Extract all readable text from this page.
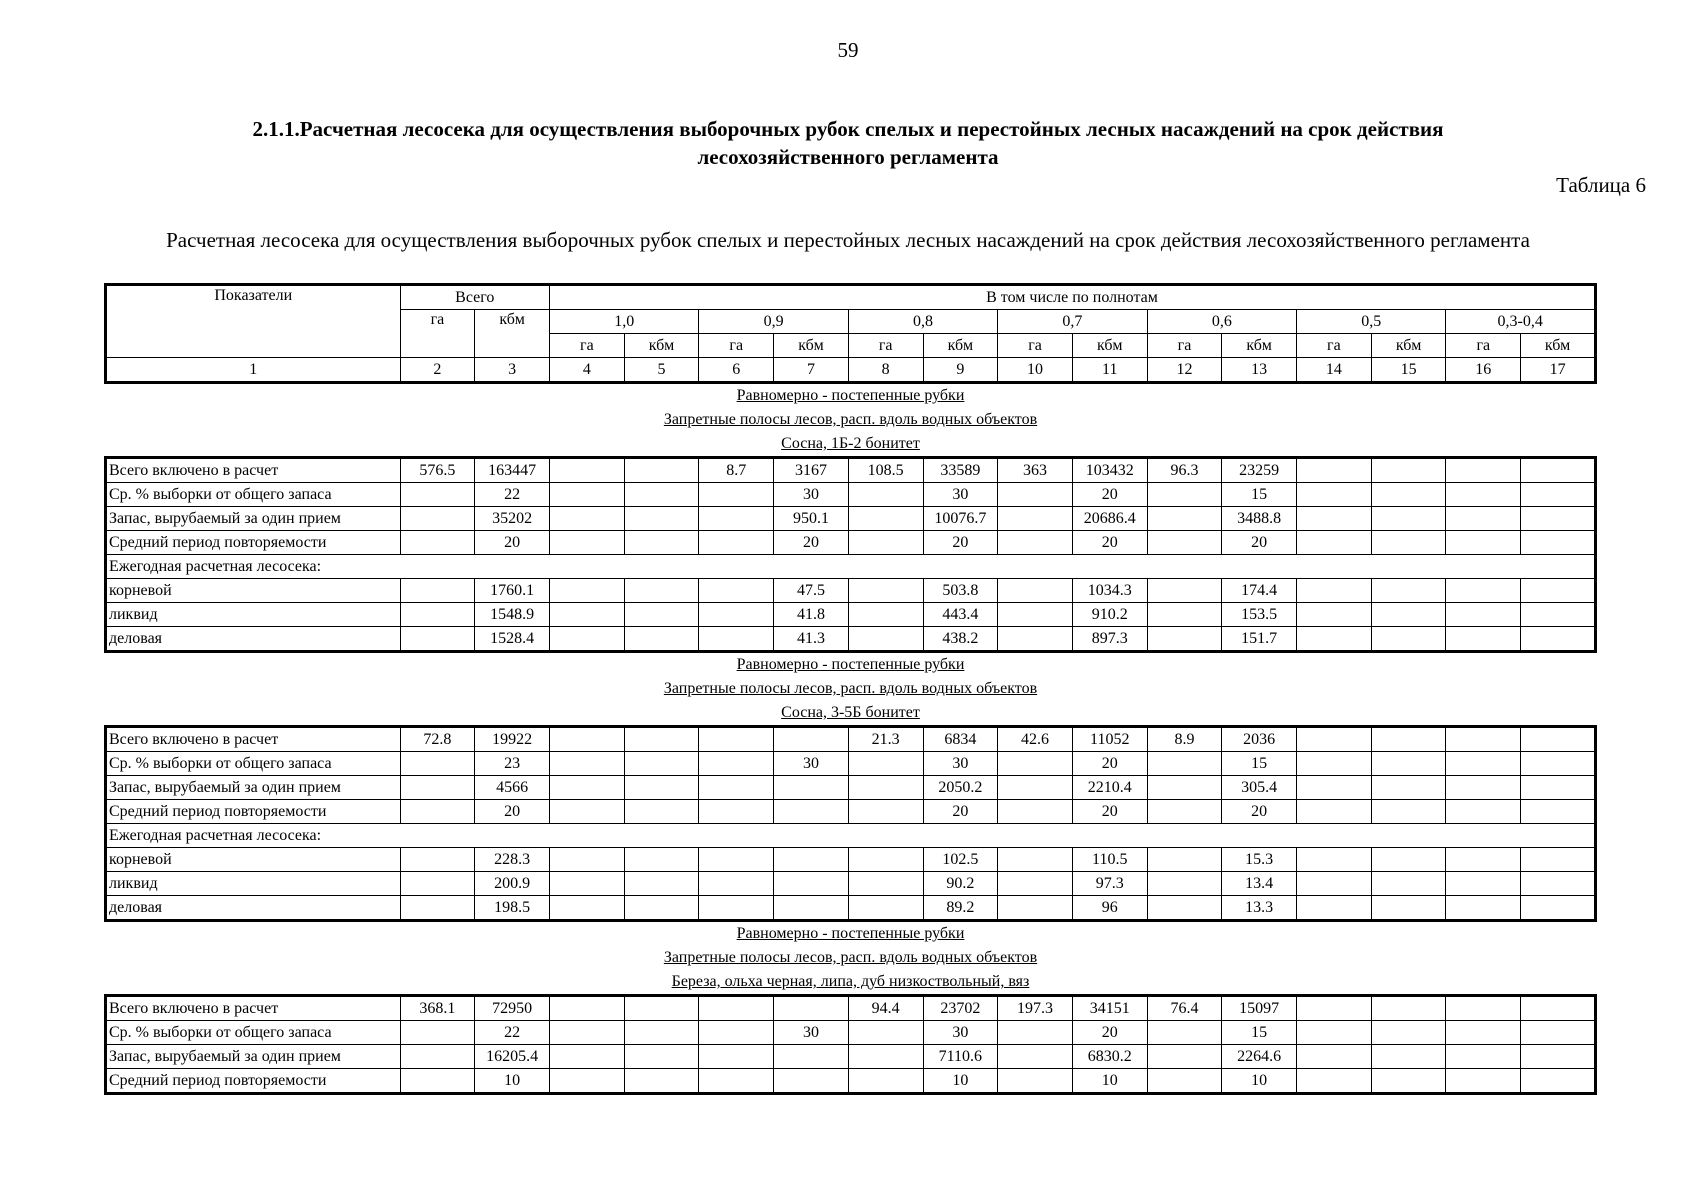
59
2.1.1.Расчетная лесосека для осуществления выборочных рубок спелых и перестойных лесных насаждений на срок действия
лесохозяйственного регламента
Таблица 6
Расчетная лесосека для осуществления выборочных рубок спелых и перестойных лесных насаждений на срок действия лесохозяйственного регламента
Показатели	Всего		В том числе по полнотам													
	га	кбм	1,0		0,9		0,8		0,7		0,6		0,5		0,3-0,4	
			га	кбм	га	кбм	га	кбм	га	кбм	га	кбм	га	кбм	га	кбм
1	2	3	4	5	6	7	8	9	10	11	12	13	14	15	16	17
Равномерно - постепенные рубки
Запретные полосы лесов, расп. вдоль водных объектов
Сосна, 1Б-2 бонитет
Всего включено в расчет	576.5	163447			8.7	3167	108.5	33589	363	103432	96.3	23259				
Ср. % выборки от общего запаса		22				30		30		20		15				
Запас, вырубаемый за один прием		35202				950.1		10076.7		20686.4		3488.8				
Средний период повторяемости		20				20		20		20		20				
Ежегодная расчетная лесосека:																
корневой		1760.1				47.5		503.8		1034.3		174.4				
ликвид		1548.9				41.8		443.4		910.2		153.5				
деловая		1528.4				41.3		438.2		897.3		151.7				
Равномерно - постепенные рубки
Запретные полосы лесов, расп. вдоль водных объектов
Сосна, 3-5Б бонитет
Всего включено в расчет	72.8	19922					21.3	6834	42.6	11052	8.9	2036				
Ср. % выборки от общего запаса		23				30		30		20		15				
Запас, вырубаемый за один прием		4566						2050.2		2210.4		305.4				
Средний период повторяемости		20						20		20		20				
Ежегодная расчетная лесосека:																
корневой		228.3						102.5		110.5		15.3				
ликвид		200.9						90.2		97.3		13.4				
деловая		198.5						89.2		96		13.3				
Равномерно - постепенные рубки
Запретные полосы лесов, расп. вдоль водных объектов
Береза, ольха черная, липа, дуб низкоствольный, вяз
Всего включено в расчет	368.1	72950					94.4	23702	197.3	34151	76.4	15097				
Ср. % выборки от общего запаса		22				30		30		20		15				
Запас, вырубаемый за один прием		16205.4						7110.6		6830.2		2264.6				
Средний период повторяемости		10						10		10		10				
